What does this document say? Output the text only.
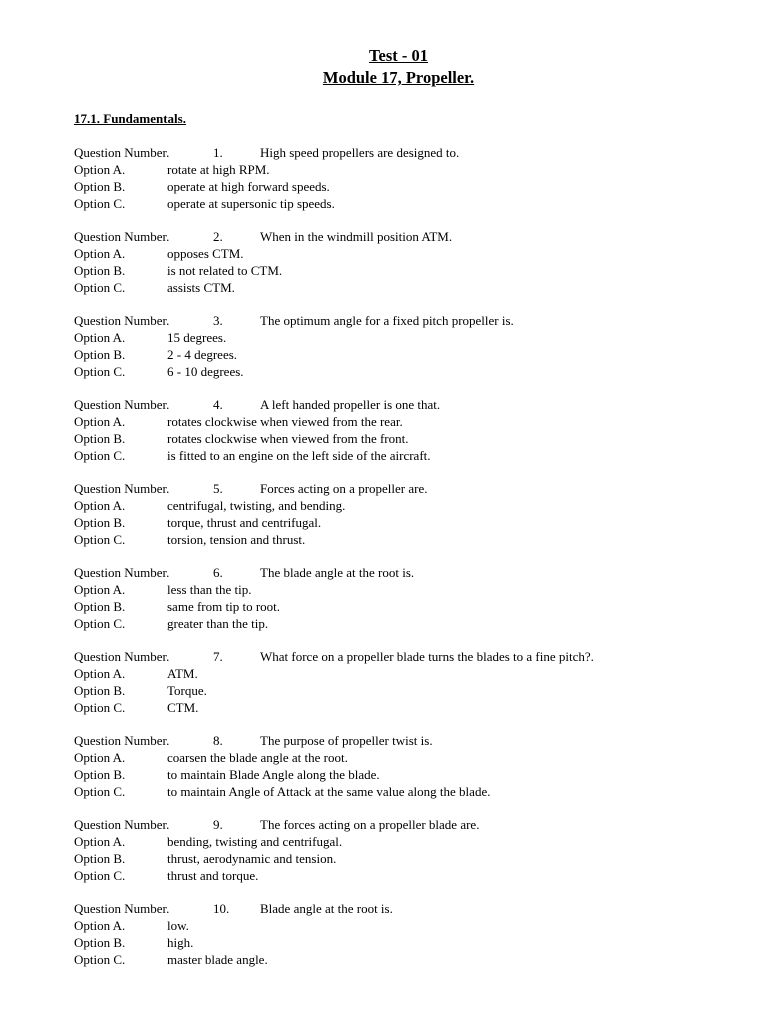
Test - 01
Module 17, Propeller.
17.1. Fundamentals.
Question Number.	1.	High speed propellers are designed to.
Option A.	rotate at high RPM.
Option B.	operate at high forward speeds.
Option C.	operate at supersonic tip speeds.
Question Number.	2.	When in the windmill position ATM.
Option A.	opposes CTM.
Option B.	is not related to CTM.
Option C.	assists CTM.
Question Number.	3.	The optimum angle for a fixed pitch propeller is.
Option A.	15 degrees.
Option B.	2 - 4 degrees.
Option C.	6 - 10 degrees.
Question Number.	4.	A left handed propeller is one that.
Option A.	rotates clockwise when viewed from the rear.
Option B.	rotates clockwise when viewed from the front.
Option C.	is fitted to an engine on the left side of the aircraft.
Question Number.	5.	Forces acting on a propeller are.
Option A.	centrifugal, twisting, and bending.
Option B.	torque, thrust and centrifugal.
Option C.	torsion, tension and thrust.
Question Number.	6.	The blade angle at the root is.
Option A.	less than the tip.
Option B.	same from tip to root.
Option C.	greater than the tip.
Question Number.	7.	What force on a propeller blade turns the blades to a fine pitch?.
Option A.	ATM.
Option B.	Torque.
Option C.	CTM.
Question Number.	8.	The purpose of propeller twist is.
Option A.	coarsen the blade angle at the root.
Option B.	to maintain Blade Angle along the blade.
Option C.	to maintain Angle of Attack at the same value along the blade.
Question Number.	9.	The forces acting on a propeller blade are.
Option A.	bending, twisting and centrifugal.
Option B.	thrust, aerodynamic and tension.
Option C.	thrust and torque.
Question Number.	10. Blade angle at the root is.
Option A.	low.
Option B.	high.
Option C.	master blade angle.
